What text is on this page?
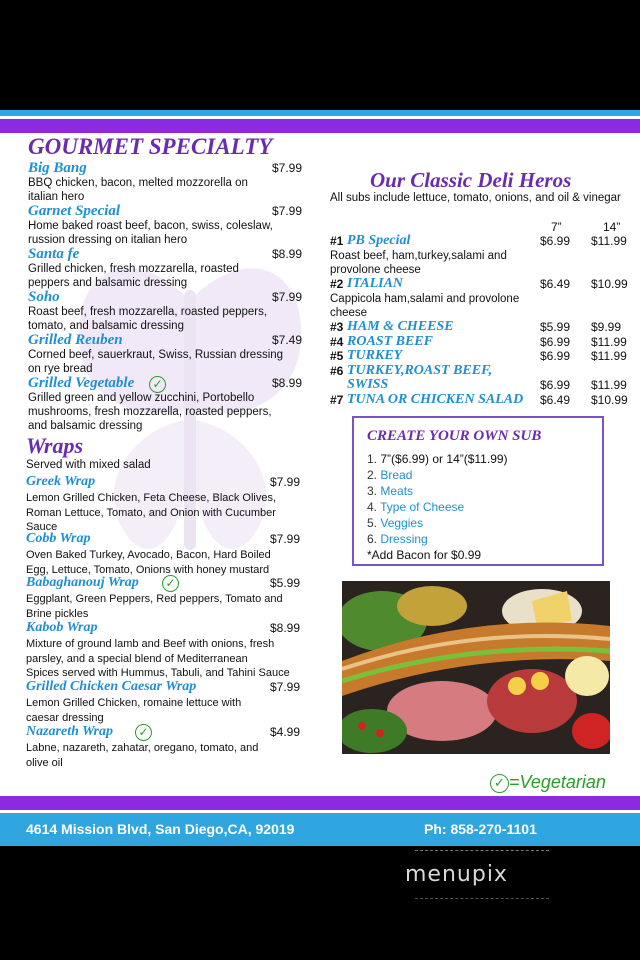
GOURMET SPECIALTY
Wraps
Served with mixed salad
Our Classic Deli Heros
All subs include lettuce, tomato, onions, and oil & vinegar
7”	14”
CREATE YOUR OWN SUB
*Add Bacon for $0.99
1. 7”($6.99) or 14”($11.99)
2. Bread
3. Meats
4. Type of Cheese
5. Veggies
6. Dressing
✓ =Vegetarian
4614 Mission Blvd, San Diego,CA, 92019	Ph: 858-270-1101
Big Bang	$7.99
BBQ chicken, bacon, melted mozzorella on
italian hero
Garnet Special	$7.99
Home baked roast beef, bacon, swiss, coleslaw,
russion dressing on italian hero
Santa fe	$8.99
Grilled chicken, fresh mozzarella, roasted
peppers and balsamic dressing
Soho	$7.99
Roast beef, fresh mozzarella, roasted peppers,
tomato, and balsamic dressing
Grilled Reuben	$7.49
Corned beef, sauerkraut, Swiss, Russian dressing
on rye bread
Grilled Vegetable ✓	$8.99
Grilled green and yellow zucchini, Portobello
mushrooms, fresh mozzarella, roasted peppers,
and balsamic dressing
Greek Wrap	$7.99
Lemon Grilled Chicken, Feta Cheese, Black Olives,
Roman Lettuce, Tomato, and Onion with Cucumber
Sauce
Cobb Wrap	$7.99
Oven Baked Turkey, Avocado, Bacon, Hard Boiled
Egg, Lettuce, Tomato, Onions with honey mustard
Babaghanouj Wrap ✓	$5.99
Eggplant, Green Peppers, Red peppers, Tomato and
Brine pickles
Kabob Wrap	$8.99
Mixture of ground lamb and Beef with onions, fresh
parsley, and a special blend of Mediterranean
Spices served with Hummus, Tabuli, and Tahini Sauce
Grilled Chicken Caesar Wrap	$7.99
Lemon Grilled Chicken, romaine lettuce with
caesar dressing
Nazareth Wrap ✓	$4.99
Labne, nazareth, zahatar, oregano, tomato, and
olive oil
#1 PB Special	$6.99 $11.99
Roast beef, ham,turkey,salami and
provolone cheese
#2 ITALIAN	$6.49 $10.99
Cappicola ham,salami and provolone
cheese
#3 HAM & CHEESE	$5.99 $9.99
#4 ROAST BEEF	$6.99 $11.99
#5 TURKEY	$6.99 $11.99
#6 TURKEY,ROAST BEEF,
SWISS	$6.99 $11.99
#7 TUNA OR CHICKEN SALAD $6.49 $10.99
menupix
